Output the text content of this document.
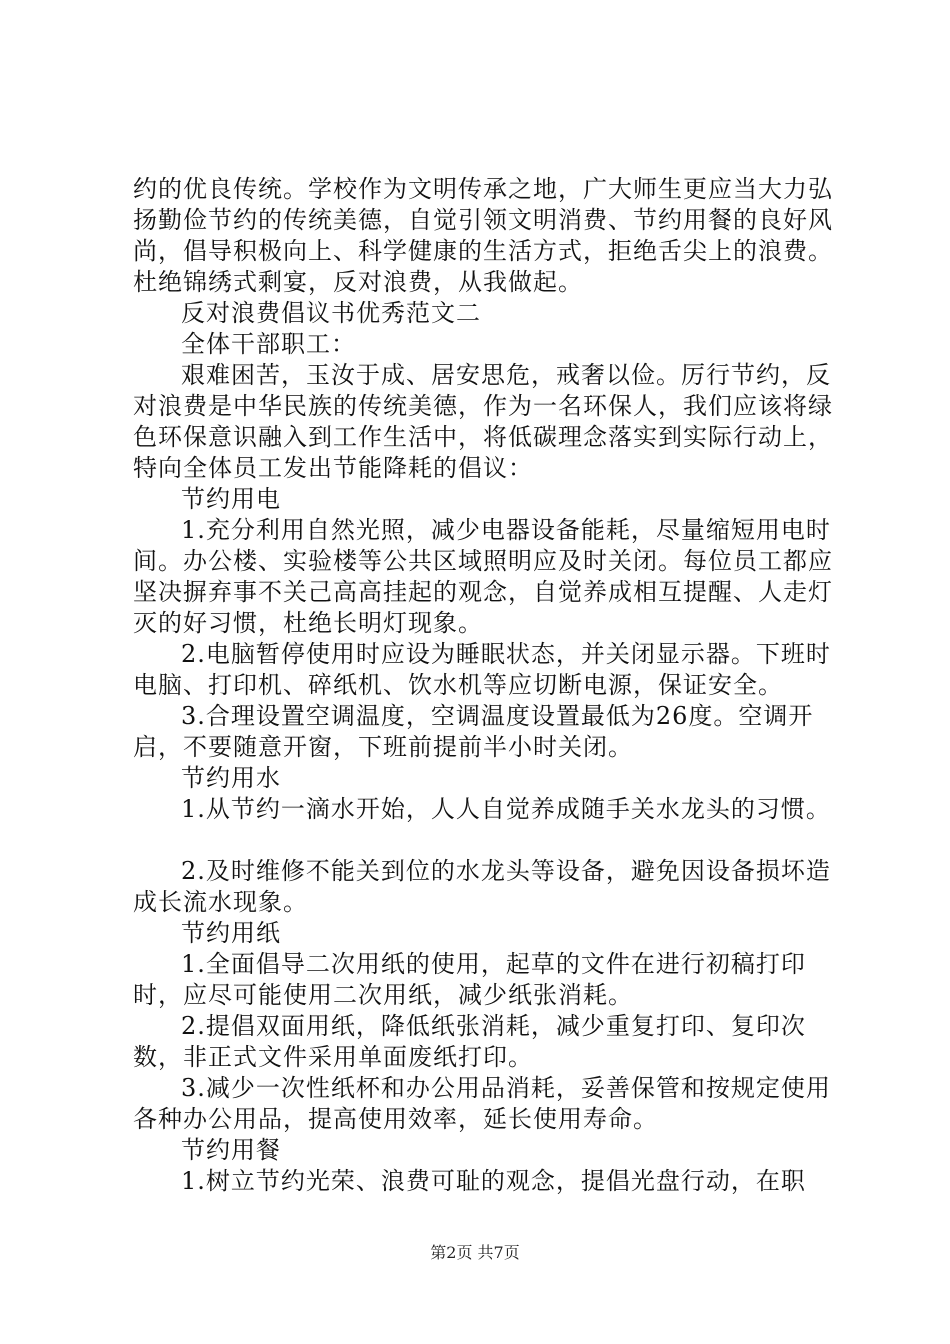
约的优良传统。学校作为文明传承之地，广大师生更应当大力弘扬勤俭节约的传统美德，自觉引领文明消费、节约用餐的良好风尚，倡导积极向上、科学健康的生活方式，拒绝舌尖上的浪费。杜绝锦绣式剩宴，反对浪费，从我做起。

反对浪费倡议书优秀范文二

全体干部职工：

艰难困苦，玉汝于成、居安思危，戒奢以俭。厉行节约，反对浪费是中华民族的传统美德，作为一名环保人，我们应该将绿色环保意识融入到工作生活中，将低碳理念落实到实际行动上，特向全体员工发出节能降耗的倡议：

节约用电

1.充分利用自然光照，减少电器设备能耗，尽量缩短用电时间。办公楼、实验楼等公共区域照明应及时关闭。每位员工都应坚决摒弃事不关己高高挂起的观念，自觉养成相互提醒、人走灯灭的好习惯，杜绝长明灯现象。

2.电脑暂停使用时应设为睡眠状态，并关闭显示器。下班时电脑、打印机、碎纸机、饮水机等应切断电源，保证安全。

3.合理设置空调温度，空调温度设置最低为26度。空调开启，不要随意开窗，下班前提前半小时关闭。

节约用水

1.从节约一滴水开始，人人自觉养成随手关水龙头的习惯。

2.及时维修不能关到位的水龙头等设备，避免因设备损坏造成长流水现象。

节约用纸

1.全面倡导二次用纸的使用，起草的文件在进行初稿打印时，应尽可能使用二次用纸，减少纸张消耗。

2.提倡双面用纸，降低纸张消耗，减少重复打印、复印次数，非正式文件采用单面废纸打印。

3.减少一次性纸杯和办公用品消耗，妥善保管和按规定使用各种办公用品，提高使用效率，延长使用寿命。

节约用餐

1.树立节约光荣、浪费可耻的观念，提倡光盘行动，在职

第2页 共7页
